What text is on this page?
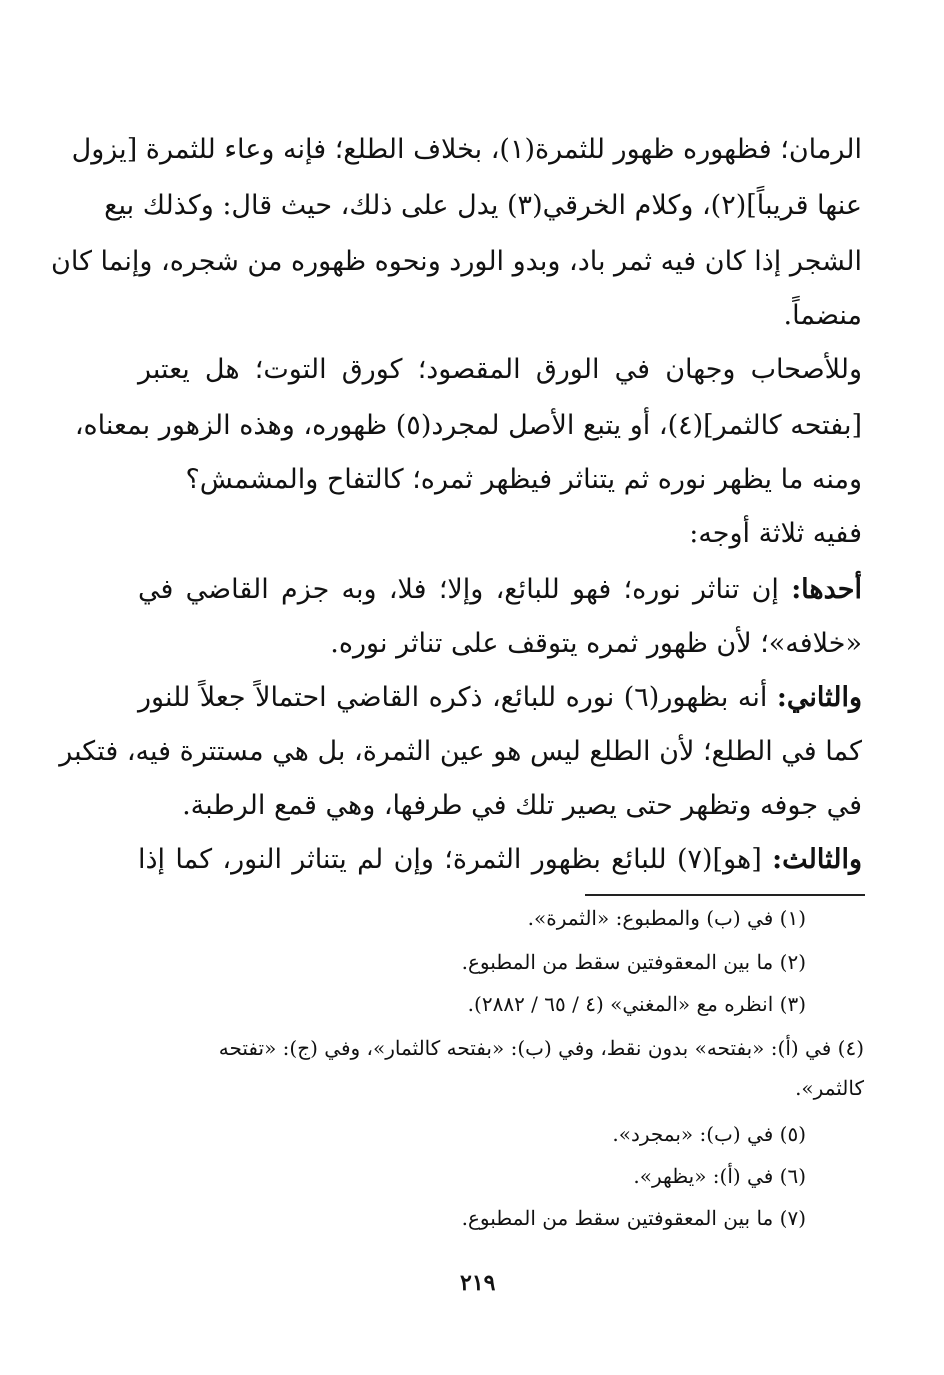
الرمان؛ فظهوره ظهور للثمرة(١)، بخلاف الطلع؛ فإنه وعاء للثمرة [يزول
عنها قريباً](٢)، وكلام الخرقي(٣) يدل على ذلك، حيث قال: وكذلك بيع
الشجر إذا كان فيه ثمر باد، وبدو الورد ونحوه ظهوره من شجره، وإنما كان
منضماً.
وللأصحاب وجهان في الورق المقصود؛ كورق التوت؛ هل يعتبر
[بفتحه كالثمر](٤)، أو يتبع الأصل لمجرد(٥) ظهوره، وهذه الزهور بمعناه،
ومنه ما يظهر نوره ثم يتناثر فيظهر ثمره؛ كالتفاح والمشمش؟
ففيه ثلاثة أوجه:
أحدها: إن تناثر نوره؛ فهو للبائع، وإلا؛ فلا، وبه جزم القاضي في
«خلافه»؛ لأن ظهور ثمره يتوقف على تناثر نوره.
والثاني: أنه بظهور(٦) نوره للبائع، ذكره القاضي احتمالاً جعلاً للنور
كما في الطلع؛ لأن الطلع ليس هو عين الثمرة، بل هي مستترة فيه، فتكبر
في جوفه وتظهر حتى يصير تلك في طرفها، وهي قمع الرطبة.
والثالث: [هو](٧) للبائع بظهور الثمرة؛ وإن لم يتناثر النور، كما إذا
(١) في (ب) والمطبوع: «الثمرة».
(٢) ما بين المعقوفتين سقط من المطبوع.
(٣) انظره مع «المغني» (٤ / ٦٥ / ٢٨٨٢).
(٤) في (أ): «بفتحه» بدون نقط، وفي (ب): «بفتحه كالثمار»، وفي (ج): «تفتحه
كالثمر».
(٥) في (ب): «بمجرد».
(٦) في (أ): «يظهر».
(٧) ما بين المعقوفتين سقط من المطبوع.
٢١٩
